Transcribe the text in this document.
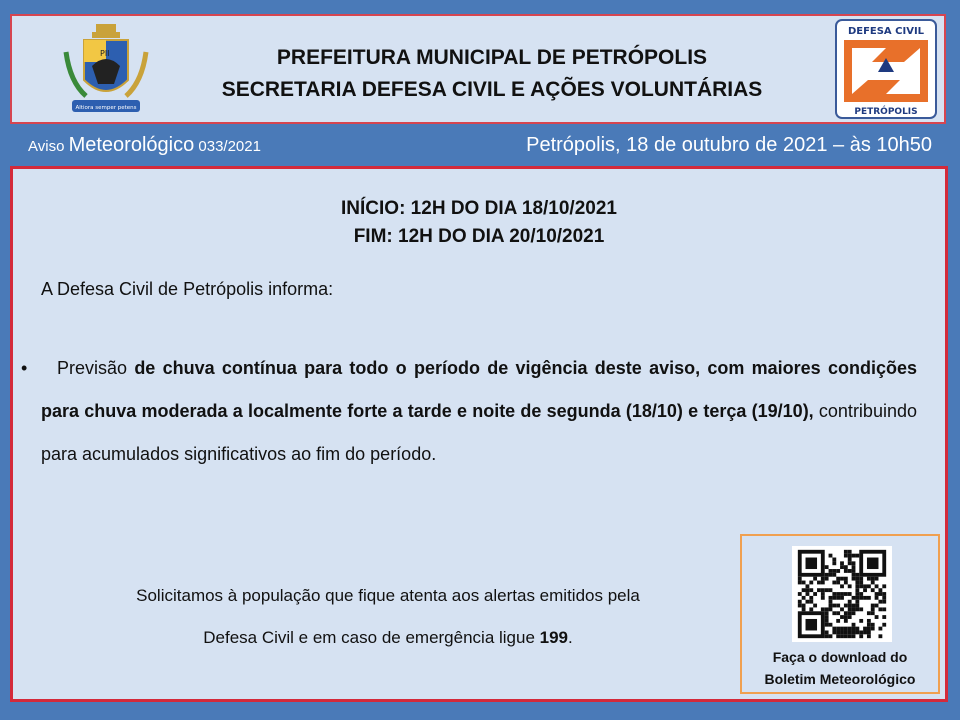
PII
Altiora semper petens
PREFEITURA MUNICIPAL DE PETRÓPOLIS
SECRETARIA DEFESA CIVIL E AÇÕES VOLUNTÁRIAS
DEFESA CIVIL
PETRÓPOLIS
Aviso Meteorológico 033/2021	Petrópolis, 18 de outubro de 2021 – às 10h50
INÍCIO: 12H DO DIA 18/10/2021
FIM: 12H DO DIA 20/10/2021
A Defesa Civil de Petrópolis informa:
•	Previsão de chuva contínua para todo o período de vigência deste aviso, com maiores condições para chuva moderada a localmente forte a tarde e noite de segunda (18/10) e terça (19/10), contribuindo para acumulados significativos ao fim do período.
Solicitamos à população que fique atenta aos alertas emitidos pela
Defesa Civil e em caso de emergência ligue 199.
Faça o download do
Boletim Meteorológico
